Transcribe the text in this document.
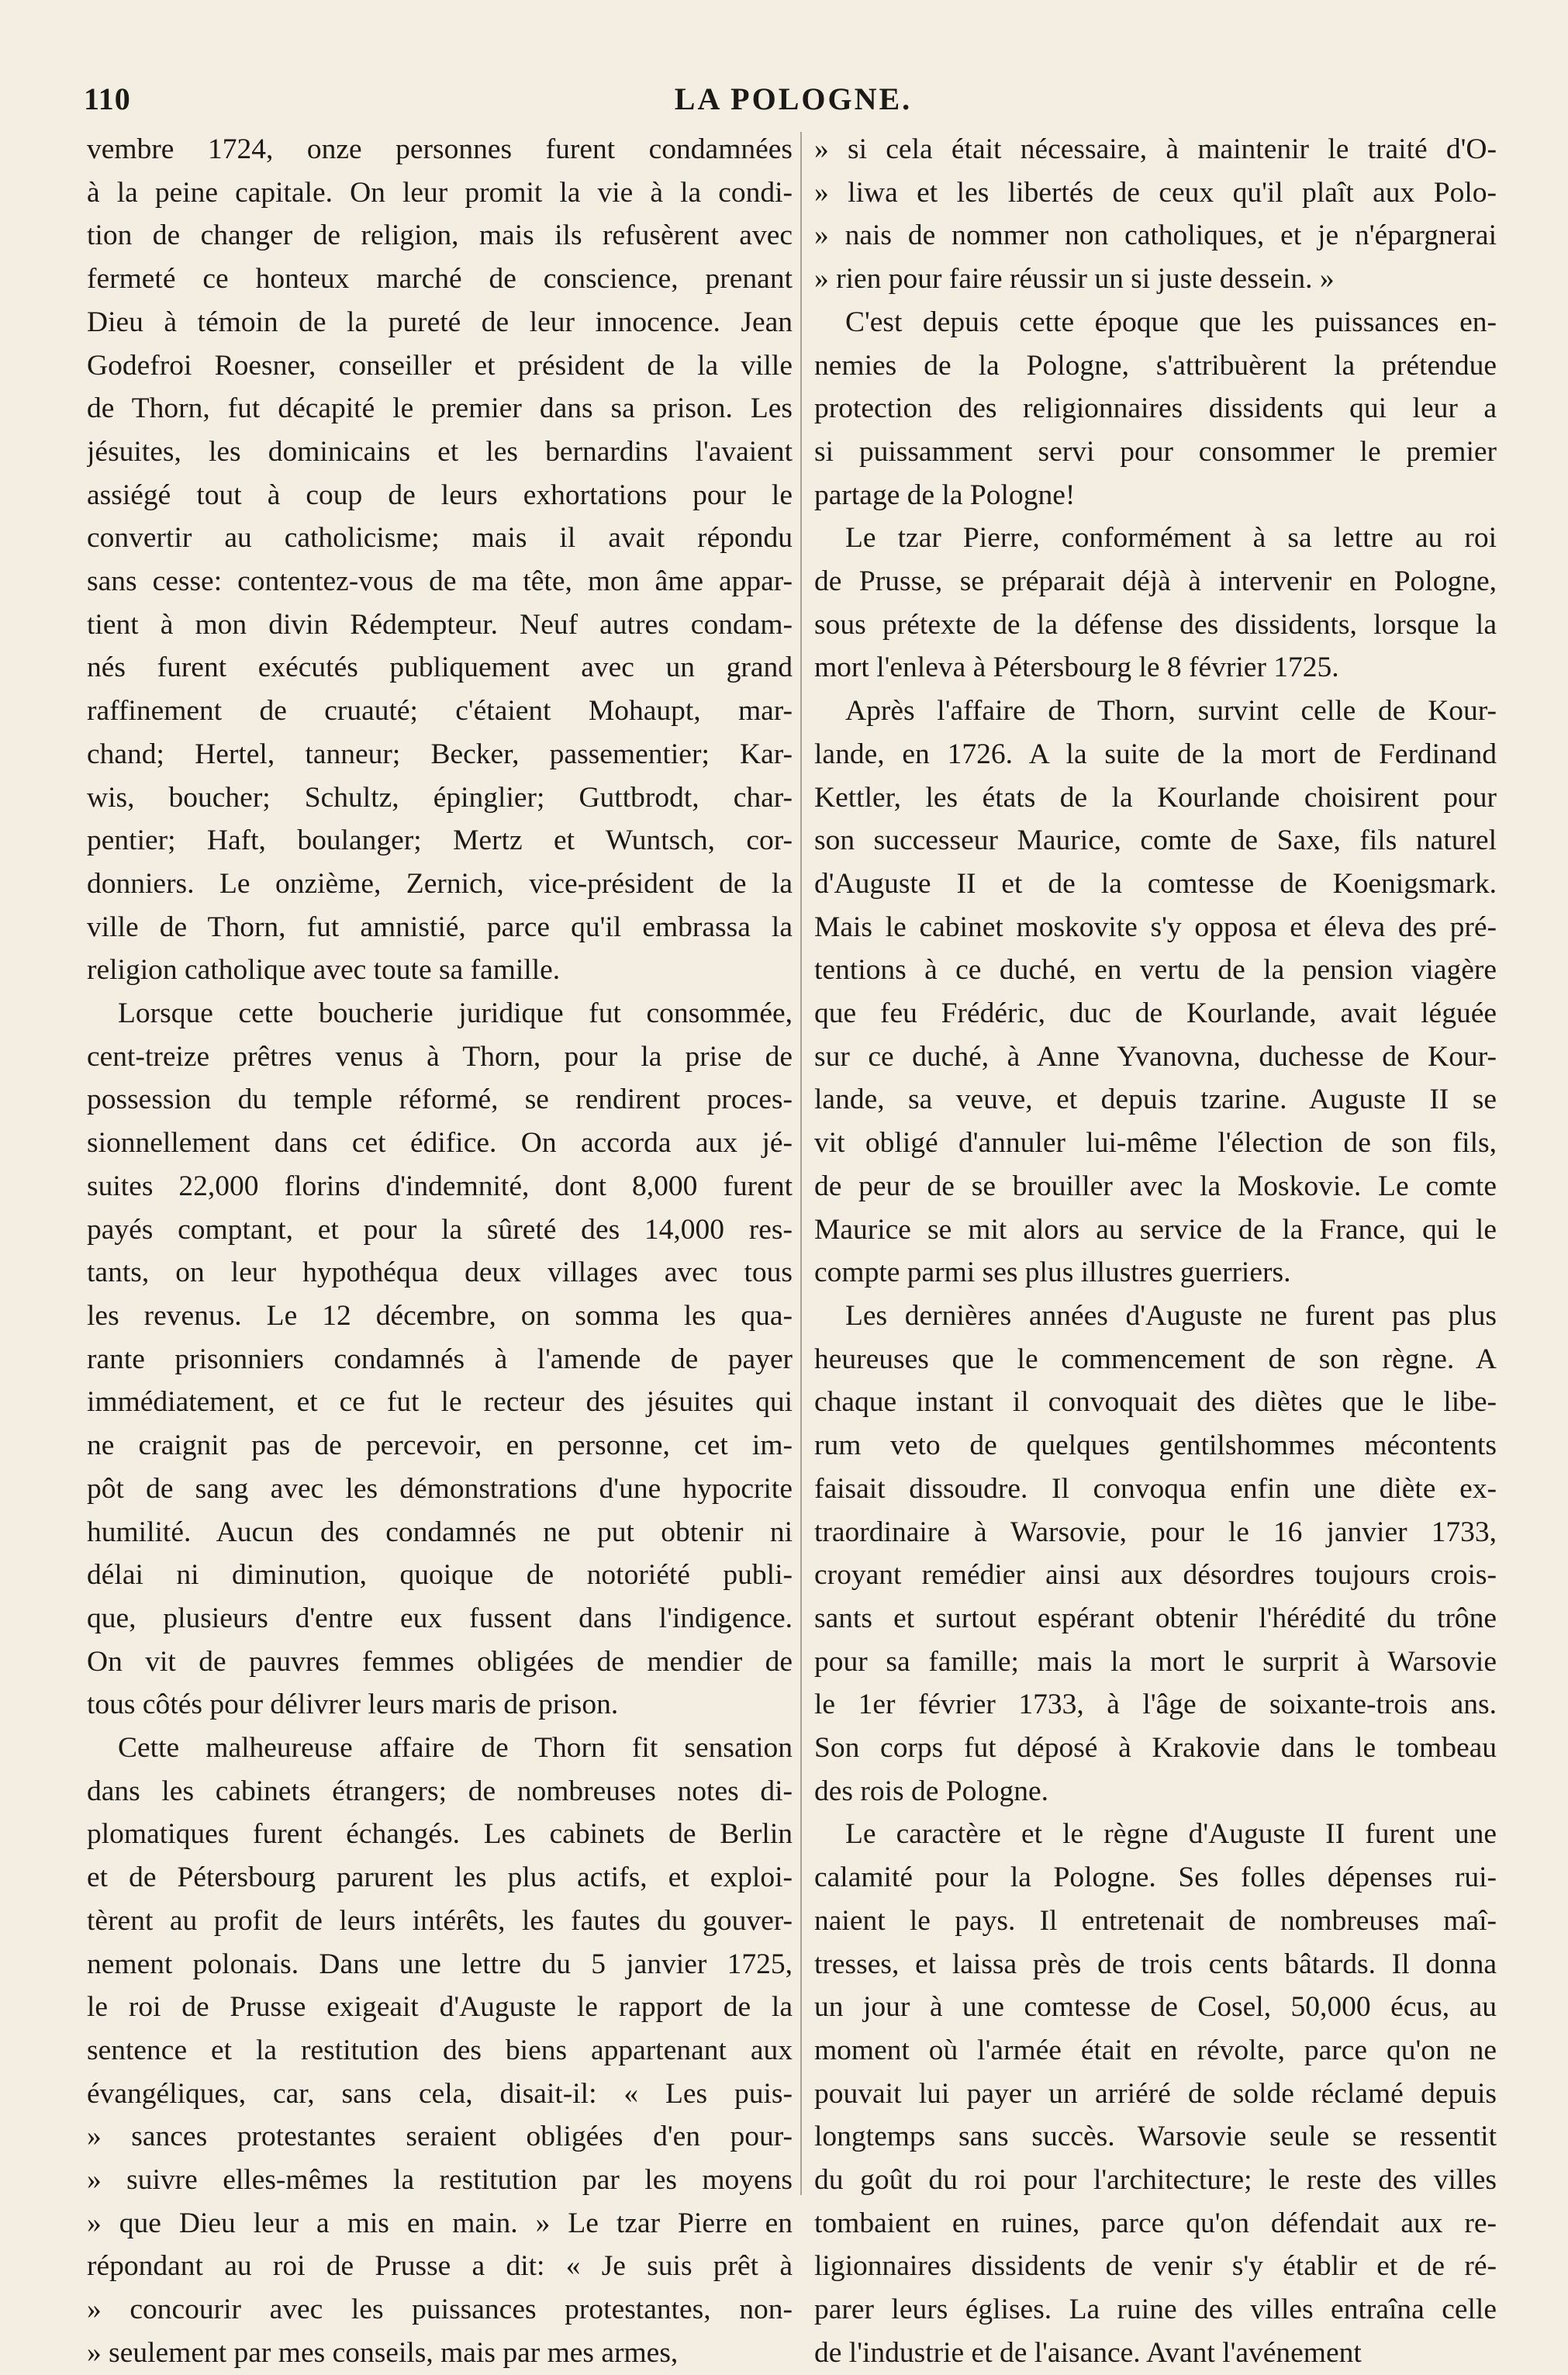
110	LA POLOGNE.

vembre 1724, onze personnes furent condamnées
à la peine capitale. On leur promit la vie à la condi-
tion de changer de religion, mais ils refusèrent avec
fermeté ce honteux marché de conscience, prenant
Dieu à témoin de la pureté de leur innocence. Jean
Godefroi Roesner, conseiller et président de la ville
de Thorn, fut décapité le premier dans sa prison. Les
jésuites, les dominicains et les bernardins l'avaient
assiégé tout à coup de leurs exhortations pour le
convertir au catholicisme; mais il avait répondu
sans cesse: contentez-vous de ma tête, mon âme appar-
tient à mon divin Rédempteur. Neuf autres condam-
nés furent exécutés publiquement avec un grand
raffinement de cruauté; c'étaient Mohaupt, mar-
chand; Hertel, tanneur; Becker, passementier; Kar-
wis, boucher; Schultz, épinglier; Guttbrodt, char-
pentier; Haft, boulanger; Mertz et Wuntsch, cor-
donniers. Le onzième, Zernich, vice-président de la
ville de Thorn, fut amnistié, parce qu'il embrassa la
religion catholique avec toute sa famille.

Lorsque cette boucherie juridique fut consommée,
cent-treize prêtres venus à Thorn, pour la prise de
possession du temple réformé, se rendirent proces-
sionnellement dans cet édifice. On accorda aux jé-
suites 22,000 florins d'indemnité, dont 8,000 furent
payés comptant, et pour la sûreté des 14,000 res-
tants, on leur hypothéqua deux villages avec tous
les revenus. Le 12 décembre, on somma les qua-
rante prisonniers condamnés à l'amende de payer
immédiatement, et ce fut le recteur des jésuites qui
ne craignit pas de percevoir, en personne, cet im-
pôt de sang avec les démonstrations d'une hypocrite
humilité. Aucun des condamnés ne put obtenir ni
délai ni diminution, quoique de notoriété publi-
que, plusieurs d'entre eux fussent dans l'indigence.
On vit de pauvres femmes obligées de mendier de
tous côtés pour délivrer leurs maris de prison.

Cette malheureuse affaire de Thorn fit sensation
dans les cabinets étrangers; de nombreuses notes di-
plomatiques furent échangés. Les cabinets de Berlin
et de Pétersbourg parurent les plus actifs, et exploi-
tèrent au profit de leurs intérêts, les fautes du gouver-
nement polonais. Dans une lettre du 5 janvier 1725,
le roi de Prusse exigeait d'Auguste le rapport de la
sentence et la restitution des biens appartenant aux
évangéliques, car, sans cela, disait-il: « Les puis-
» sances protestantes seraient obligées d'en pour-
» suivre elles-mêmes la restitution par les moyens
» que Dieu leur a mis en main. » Le tzar Pierre en
répondant au roi de Prusse a dit: « Je suis prêt à
» concourir avec les puissances protestantes, non-
» seulement par mes conseils, mais par mes armes,

» si cela était nécessaire, à maintenir le traité d'O-
» liwa et les libertés de ceux qu'il plaît aux Polo-
» nais de nommer non catholiques, et je n'épargnerai
» rien pour faire réussir un si juste dessein. »

C'est depuis cette époque que les puissances en-
nemies de la Pologne, s'attribuèrent la prétendue
protection des religionnaires dissidents qui leur a
si puissamment servi pour consommer le premier
partage de la Pologne!

Le tzar Pierre, conformément à sa lettre au roi
de Prusse, se préparait déjà à intervenir en Pologne,
sous prétexte de la défense des dissidents, lorsque la
mort l'enleva à Pétersbourg le 8 février 1725.

Après l'affaire de Thorn, survint celle de Kour-
lande, en 1726. A la suite de la mort de Ferdinand
Kettler, les états de la Kourlande choisirent pour
son successeur Maurice, comte de Saxe, fils naturel
d'Auguste II et de la comtesse de Koenigsmark.
Mais le cabinet moskovite s'y opposa et éleva des pré-
tentions à ce duché, en vertu de la pension viagère
que feu Frédéric, duc de Kourlande, avait léguée
sur ce duché, à Anne Yvanovna, duchesse de Kour-
lande, sa veuve, et depuis tzarine. Auguste II se
vit obligé d'annuler lui-même l'élection de son fils,
de peur de se brouiller avec la Moskovie. Le comte
Maurice se mit alors au service de la France, qui le
compte parmi ses plus illustres guerriers.

Les dernières années d'Auguste ne furent pas plus
heureuses que le commencement de son règne. A
chaque instant il convoquait des diètes que le libe-
rum veto de quelques gentilshommes mécontents
faisait dissoudre. Il convoqua enfin une diète ex-
traordinaire à Warsovie, pour le 16 janvier 1733,
croyant remédier ainsi aux désordres toujours crois-
sants et surtout espérant obtenir l'hérédité du trône
pour sa famille; mais la mort le surprit à Warsovie
le 1er février 1733, à l'âge de soixante-trois ans.
Son corps fut déposé à Krakovie dans le tombeau
des rois de Pologne.

Le caractère et le règne d'Auguste II furent une
calamité pour la Pologne. Ses folles dépenses rui-
naient le pays. Il entretenait de nombreuses maî-
tresses, et laissa près de trois cents bâtards. Il donna
un jour à une comtesse de Cosel, 50,000 écus, au
moment où l'armée était en révolte, parce qu'on ne
pouvait lui payer un arriéré de solde réclamé depuis
longtemps sans succès. Warsovie seule se ressentit
du goût du roi pour l'architecture; le reste des villes
tombaient en ruines, parce qu'on défendait aux re-
ligionnaires dissidents de venir s'y établir et de ré-
parer leurs églises. La ruine des villes entraîna celle
de l'industrie et de l'aisance. Avant l'avénement
